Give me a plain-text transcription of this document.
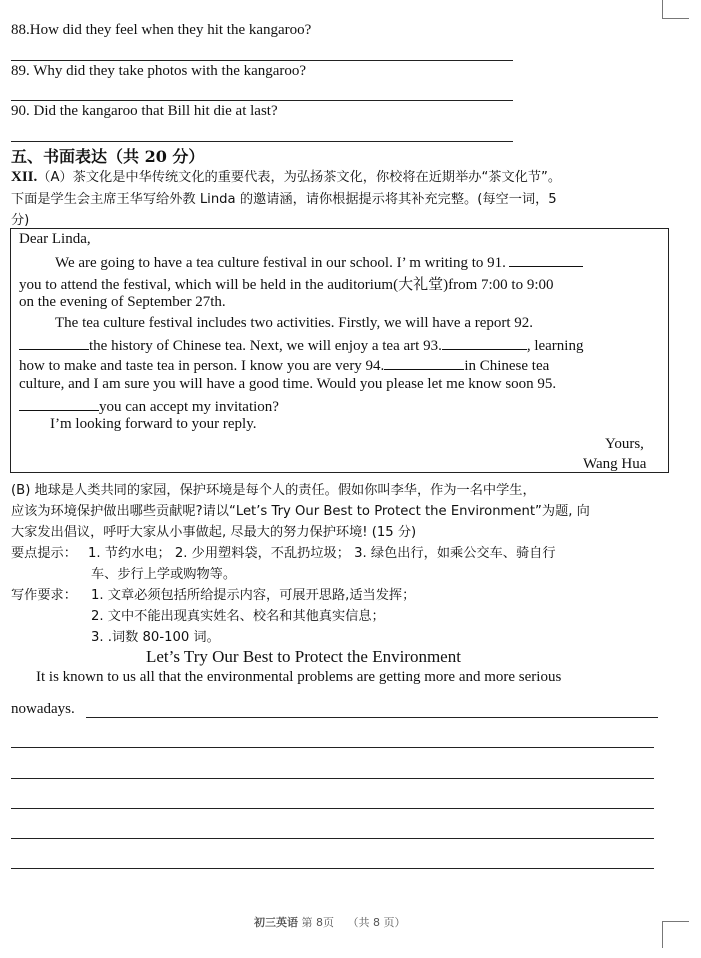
88.How did they feel when they hit the kangaroo?
89. Why did they take photos with the kangaroo?
90. Did the kangaroo that Bill hit die at last?
五、书面表达（共 20 分）
XII.（A）茶文化是中华传统文化的重要代表，为弘扬茶文化，你校将在近期举办“茶文化节”。
下面是学生会主席王华写给外教 Linda 的邀请涵，请你根据提示将其补充完整。(每空一词，5
分)
Dear Linda,
We are going to have a tea culture festival in our school. I’ m writing to 91.
you to attend the festival, which will be held in the auditorium(大礼堂)from 7:00 to 9:00
on the evening of September 27th.
The tea culture festival includes two activities. Firstly, we will have a report 92.
the history of Chinese tea. Next, we will enjoy a tea art 93.	, learning
how to make and taste tea in person. I know you are very 94.	in Chinese tea
culture, and I am sure you will have a good time. Would you please let me know soon 95.
you can accept my invitation?
I’m looking forward to your reply.
Yours,
Wang Hua
(B) 地球是人类共同的家园，保护环境是每个人的责任。假如你叫李华，作为一名中学生，
应该为环境保护做出哪些贡献呢?请以“Let’s Try Our Best to Protect the Environment”为题, 向
大家发出倡议，呼吁大家从小事做起, 尽最大的努力保护环境! (15 分)
要点提示： 1. 节约水电； 2. 少用塑料袋，不乱扔垃圾； 3. 绿色出行，如乘公交车、骑自行
车、步行上学或购物等。
写作要求： 1. 文章必须包括所给提示内容，可展开思路,适当发挥；
2. 文中不能出现真实姓名、校名和其他真实信息；
3. .词数 80-100 词。
Let’s Try Our Best to Protect the Environment
It is known to us all that the environmental problems are getting more and more serious
nowadays.
初三英语 第 8页 （共 8 页）
